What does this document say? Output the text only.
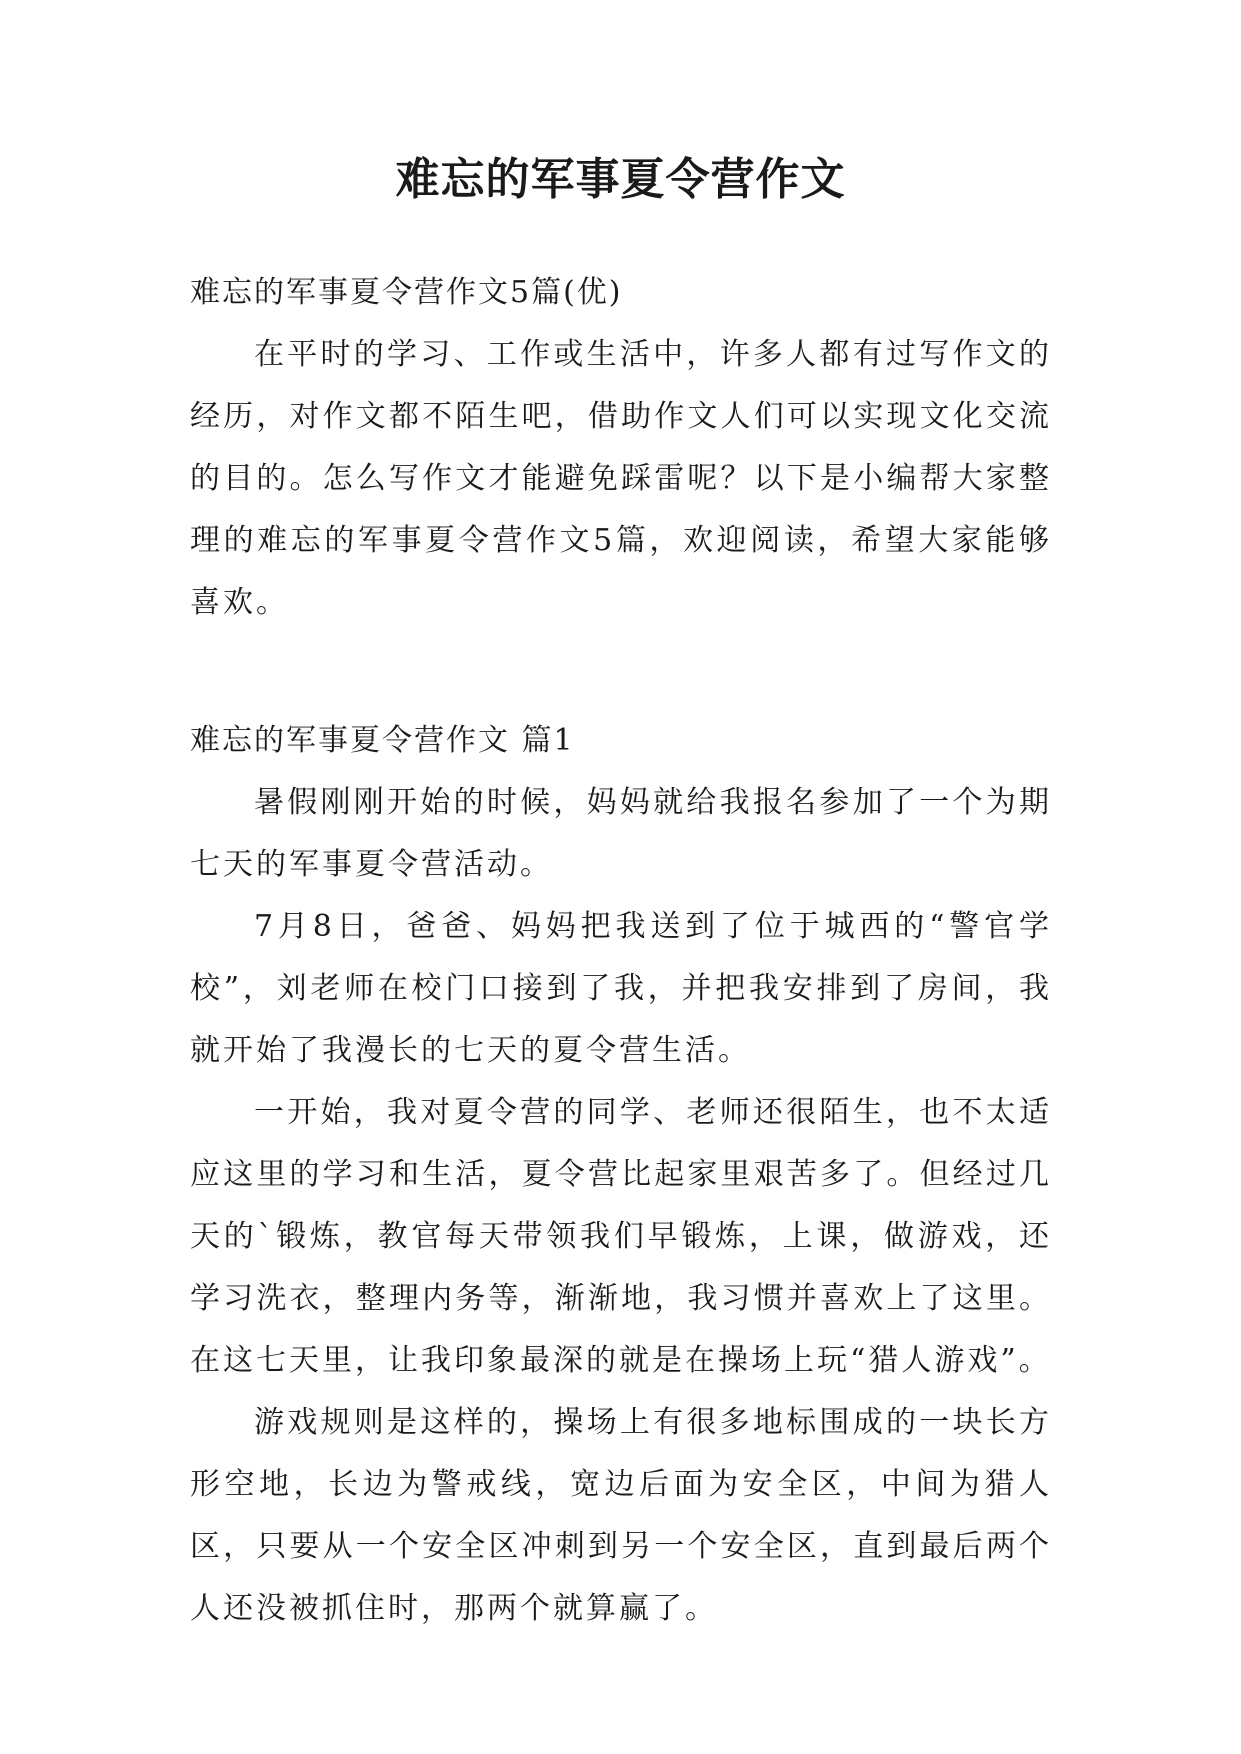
难忘的军事夏令营作文

难忘的军事夏令营作文5篇(优)

在平时的学习、工作或生活中，许多人都有过写作文的经历，对作文都不陌生吧，借助作文人们可以实现文化交流的目的。怎么写作文才能避免踩雷呢？以下是小编帮大家整理的难忘的军事夏令营作文5篇，欢迎阅读，希望大家能够喜欢。

难忘的军事夏令营作文 篇1

暑假刚刚开始的时候，妈妈就给我报名参加了一个为期七天的军事夏令营活动。

7月8日，爸爸、妈妈把我送到了位于城西的“警官学校”，刘老师在校门口接到了我，并把我安排到了房间，我就开始了我漫长的七天的夏令营生活。

一开始，我对夏令营的同学、老师还很陌生，也不太适应这里的学习和生活，夏令营比起家里艰苦多了。但经过几天的`锻炼，教官每天带领我们早锻炼，上课，做游戏，还学习洗衣，整理内务等，渐渐地，我习惯并喜欢上了这里。在这七天里，让我印象最深的就是在操场上玩“猎人游戏”。

游戏规则是这样的，操场上有很多地标围成的一块长方形空地，长边为警戒线，宽边后面为安全区，中间为猎人区，只要从一个安全区冲刺到另一个安全区，直到最后两个人还没被抓住时，那两个就算赢了。
